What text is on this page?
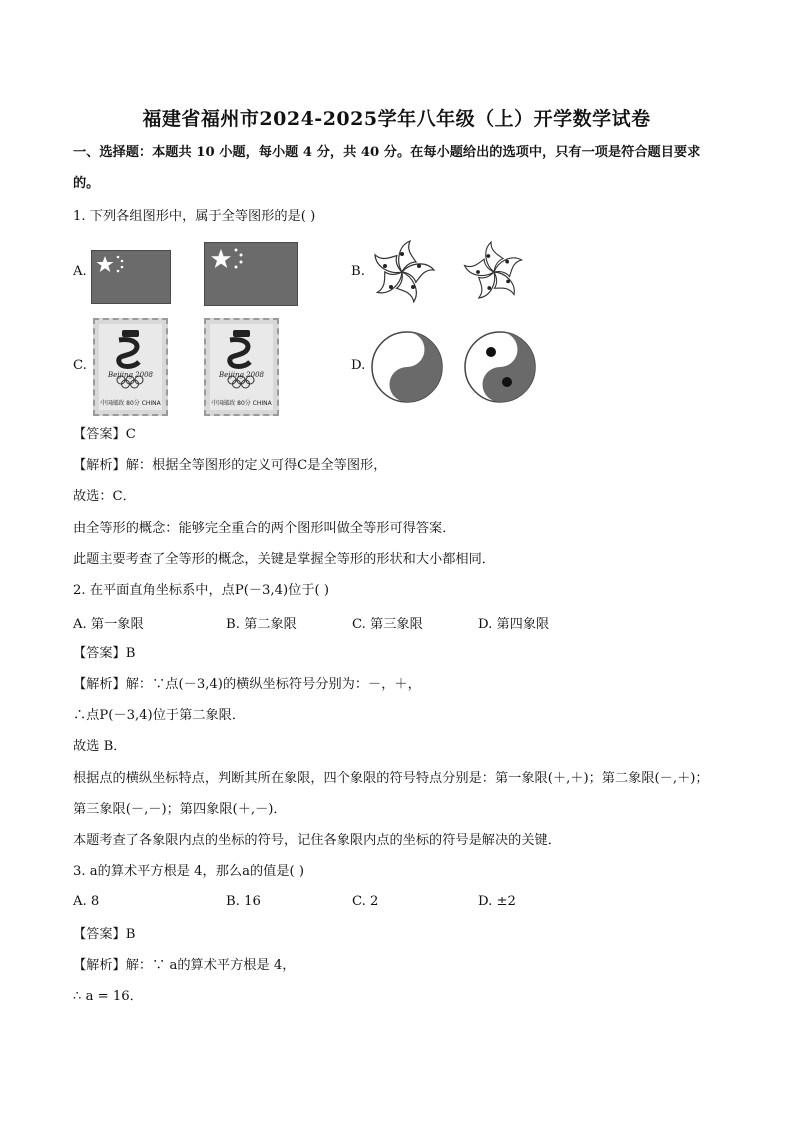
福建省福州市2024-2025学年八年级（上）开学数学试卷
一、选择题：本题共 10 小题，每小题 4 分，共 40 分。在每小题给出的选项中，只有一项是符合题目要求
的。
1. 下列各组图形中，属于全等图形的是( )
A.	B.
C.
Beijing 2008
中国邮政 80分 CHINA
Beijing 2008
中国邮政 80分 CHINA
D.
【答案】C
【解析】解：根据全等图形的定义可得C是全等图形，
故选：C．
由全等形的概念：能够完全重合的两个图形叫做全等形可得答案．
此题主要考查了全等形的概念，关键是掌握全等形的形状和大小都相同．
2. 在平面直角坐标系中，点P(－3,4)位于( )
A. 第一象限	B. 第二象限	C. 第三象限	D. 第四象限
【答案】B
【解析】解：∵点(－3,4)的横纵坐标符号分别为：－，＋，
∴点P(－3,4)位于第二象限．
故选 B．
根据点的横纵坐标特点，判断其所在象限，四个象限的符号特点分别是：第一象限(＋,＋)；第二象限(－,＋)；
第三象限(－,－)；第四象限(＋,－)．
本题考查了各象限内点的坐标的符号，记住各象限内点的坐标的符号是解决的关键．
3. a的算术平方根是 4，那么a的值是( )
A. 8	B. 16	C. 2	D. ±2
【答案】B
【解析】解：∵ a的算术平方根是 4，
∴ a = 16．
